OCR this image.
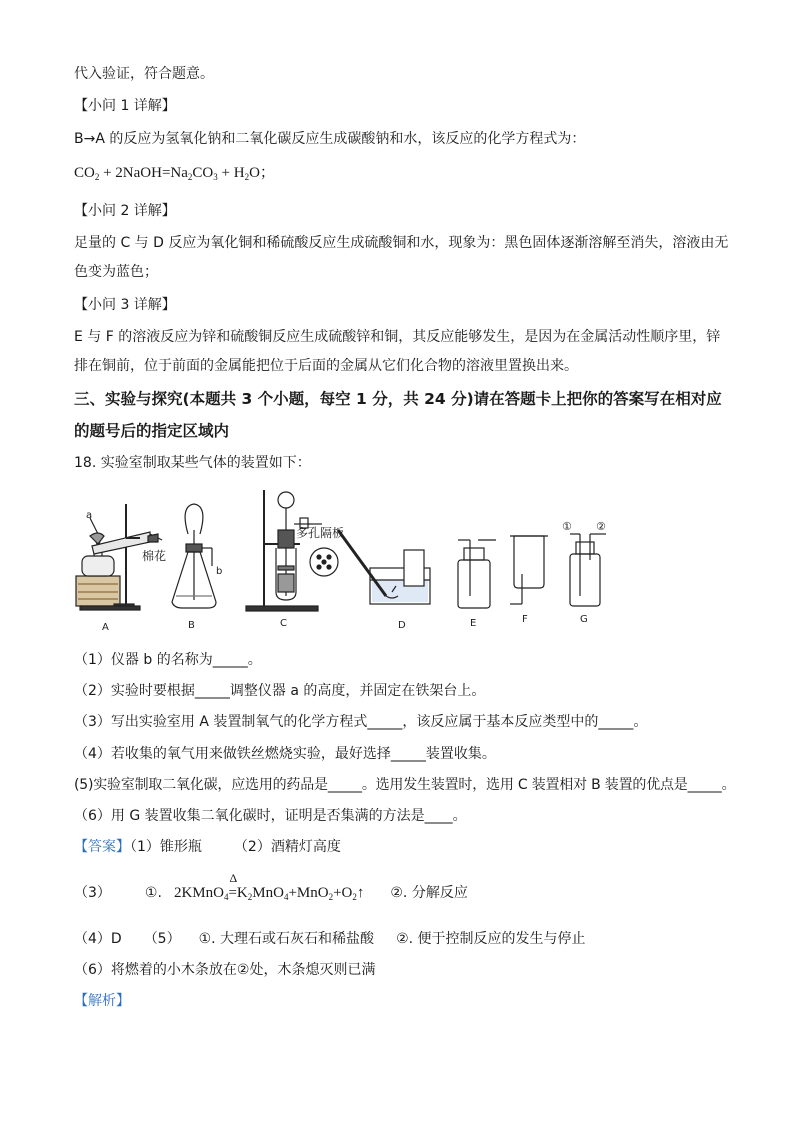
代入验证，符合题意。
【小问 1 详解】
B→A 的反应为氢氧化钠和二氧化碳反应生成碳酸钠和水，该反应的化学方程式为：
$CO_2$ + $2NaOH=Na_2CO_3 + H_2O$；
【小问 2 详解】
足量的 C 与 D 反应为氧化铜和稀硫酸反应生成硫酸铜和水，现象为：黑色固体逐渐溶解至消失，溶液由无
色变为蓝色；
【小问 3 详解】
E 与 F 的溶液反应为锌和硫酸铜反应生成硫酸锌和铜，其反应能够发生，是因为在金属活动性顺序里，锌
排在铜前，位于前面的金属能把位于后面的金属从它们化合物的溶液里置换出来。
三、实验与探究(本题共 3 个小题，每空 1 分，共 24 分)请在答题卡上把你的答案写在相对应
的题号后的指定区域内
18. 实验室制取某些气体的装置如下：
a
棉花
b
多孔隔板	① ②
A	B	C	D	E	F	G
（1）仪器 b 的名称为_____。
（2）实验时要根据_____调整仪器 a 的高度，并固定在铁架台上。
（3）写出实验室用 A 装置制氧气的化学方程式_____，该反应属于基本反应类型中的_____。
（4）若收集的氧气用来做铁丝燃烧实验，最好选择_____装置收集。
(5)实验室制取二氧化碳，应选用的药品是_____。选用发生装置时，选用 C 装置相对 B 装置的优点是_____。
（6）用 G 装置收集二氧化碳时，证明是否集满的方法是____。
【答案】（1）锥形瓶 （2）酒精灯高度
（3） ①. 2KMnO$_4$
Δ
$=K_2MnO_4+MnO_2+O_2↑$ ②. 分解反应
（4）D （5） ①. 大理石或石灰石和稀盐酸 ②. 便于控制反应的发生与停止
（6）将燃着的小木条放在②处，木条熄灭则已满
【解析】
